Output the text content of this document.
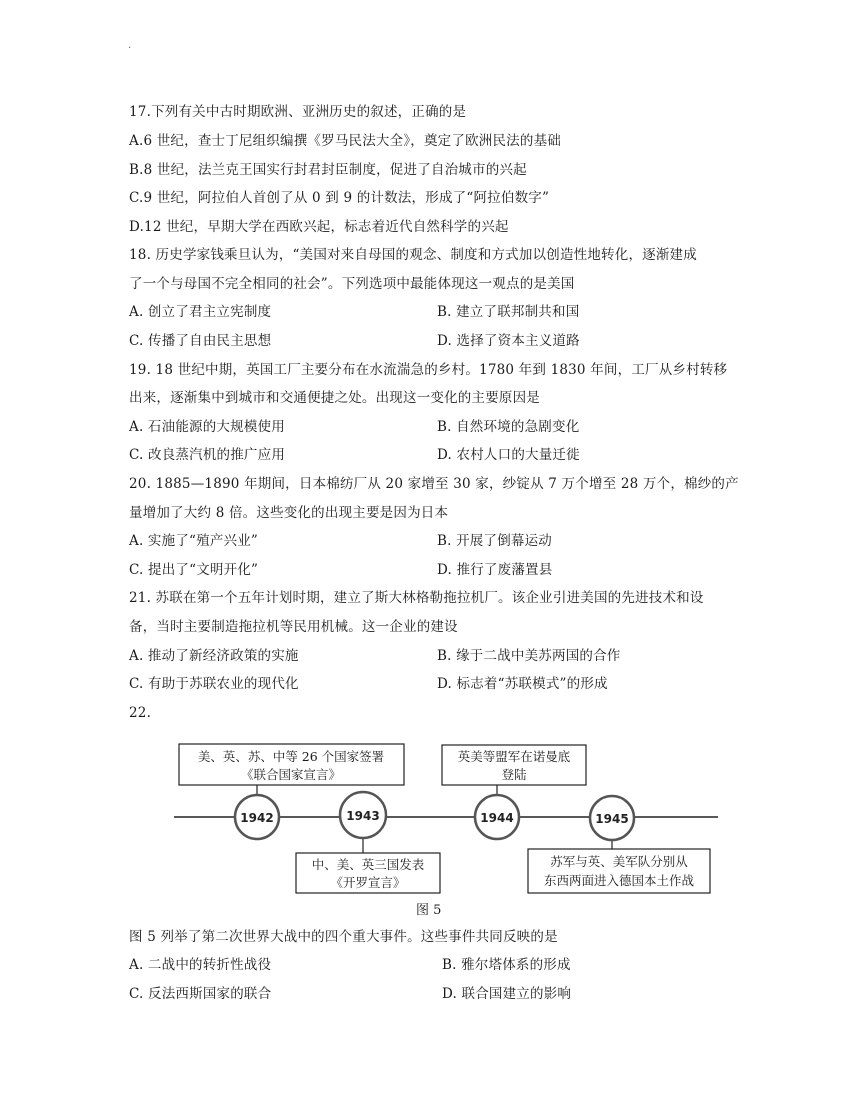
.
17.下列有关中古时期欧洲、亚洲历史的叙述，正确的是
A.6 世纪，查士丁尼组织编撰《罗马民法大全》，奠定了欧洲民法的基础
B.8 世纪，法兰克王国实行封君封臣制度，促进了自治城市的兴起
C.9 世纪，阿拉伯人首创了从 0 到 9 的计数法，形成了“阿拉伯数字”
D.12 世纪，早期大学在西欧兴起，标志着近代自然科学的兴起
18. 历史学家钱乘旦认为，“美国对来自母国的观念、制度和方式加以创造性地转化，逐渐建成
了一个与母国不完全相同的社会”。下列选项中最能体现这一观点的是美国
A. 创立了君主立宪制度	B. 建立了联邦制共和国
C. 传播了自由民主思想	D. 选择了资本主义道路
19. 18 世纪中期，英国工厂主要分布在水流湍急的乡村。1780 年到 1830 年间，工厂从乡村转移
出来，逐渐集中到城市和交通便捷之处。出现这一变化的主要原因是
A. 石油能源的大规模使用	B. 自然环境的急剧变化
C. 改良蒸汽机的推广应用	D. 农村人口的大量迁徙
20. 1885—1890 年期间，日本棉纺厂从 20 家增至 30 家，纱锭从 7 万个增至 28 万个，棉纱的产
量增加了大约 8 倍。这些变化的出现主要是因为日本
A. 实施了“殖产兴业”	B. 开展了倒幕运动
C. 提出了“文明开化”	D. 推行了废藩置县
21. 苏联在第一个五年计划时期，建立了斯大林格勒拖拉机厂。该企业引进美国的先进技术和设
备，当时主要制造拖拉机等民用机械。这一企业的建设
A. 推动了新经济政策的实施	B. 缘于二战中美苏两国的合作
C. 有助于苏联农业的现代化	D. 标志着“苏联模式”的形成
22.
1942	1943	1944	1945
美、英、苏、中等 26 个国家签署
《联合国家宣言》
中、美、英三国发表
《开罗宣言》
英美等盟军在诺曼底
登陆
苏军与英、美军队分别从
东西两面进入德国本土作战
图 5
图 5 列举了第二次世界大战中的四个重大事件。这些事件共同反映的是
A. 二战中的转折性战役	B. 雅尔塔体系的形成
C. 反法西斯国家的联合	D. 联合国建立的影响
